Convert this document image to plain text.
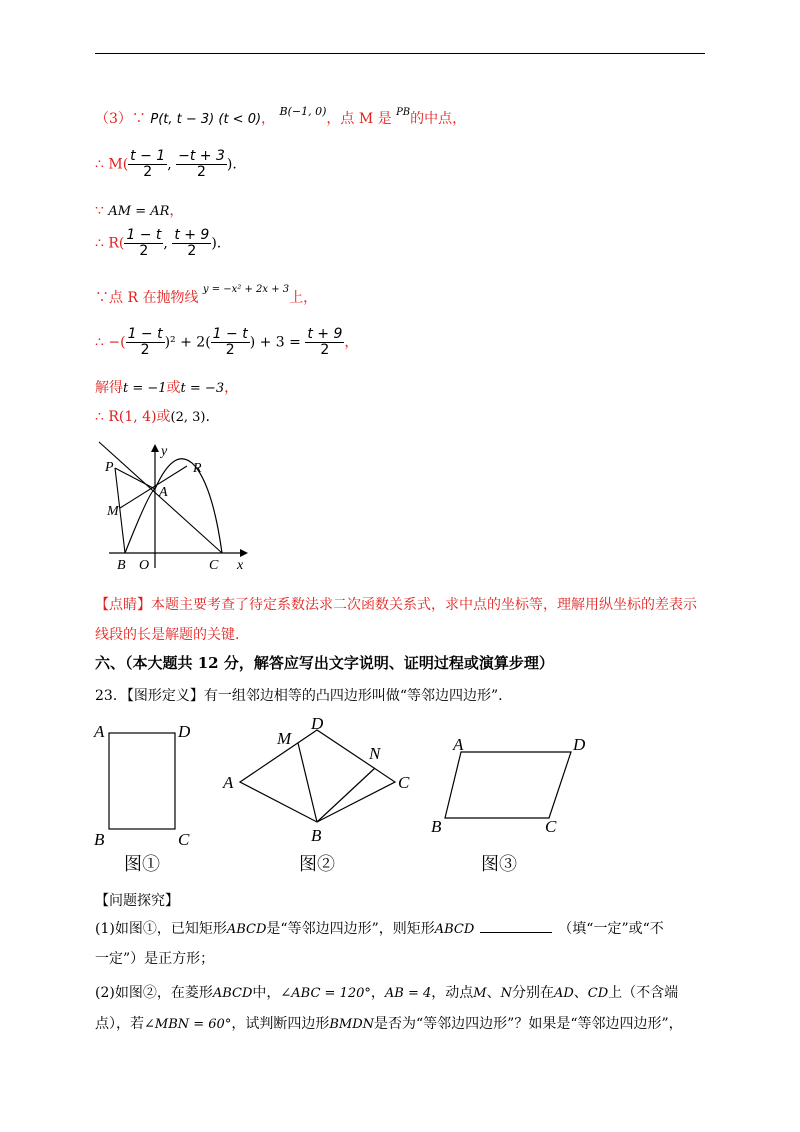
（3）∵ P(t, t − 3) (t < 0)， $^{B(-1, 0)}$，点 M 是 $^{PB}$的中点，
∴ $M( \frac{t - 1}{2}$ , $\frac{-t + 3}{2}$ ).
∵ AM = AR，
∴ $R( \frac{1 - t}{2}$ , $\frac{t + 9}{2}$ ).
∵点 R 在抛物线 $^{y = -x^2 + 2x + 3}$上，
∴ −( $\frac{1 - t}{2} )^2 + 2( \frac{1 - t}{2}$ ) + $3 = \frac{t + 9}{2}$ ，
解得t = −1或t = −3，
∴ R(1, 4)或(2, 3).
P
M
A
R
B O	C x
y
【点睛】本题主要考查了待定系数法求二次函数关系式，求中点的坐标等，理解用纵坐标的差表示
线段的长是解题的关键.
六、（本大题共 12 分，解答应写出文字说明、证明过程或演算步理）
23．【图形定义】有一组邻边相等的凸四边形叫做“等邻边四边形”.
A	D
B	C
图①
D
M
N
A	C
B
图②
A	D
B	C
图③
【问题探究】
(1)如图①，已知矩形ABCD是“等邻边四边形”，则矩形ABCD	（填“一定”或“不
一定”）是正方形；
(2)如图②，在菱形ABCD中，∠ABC = 120°，AB = 4，动点M、N分别在AD、CD上（不含端
点），若∠MBN = 60°，试判断四边形BMDN是否为“等邻边四边形”？如果是“等邻边四边形”，
